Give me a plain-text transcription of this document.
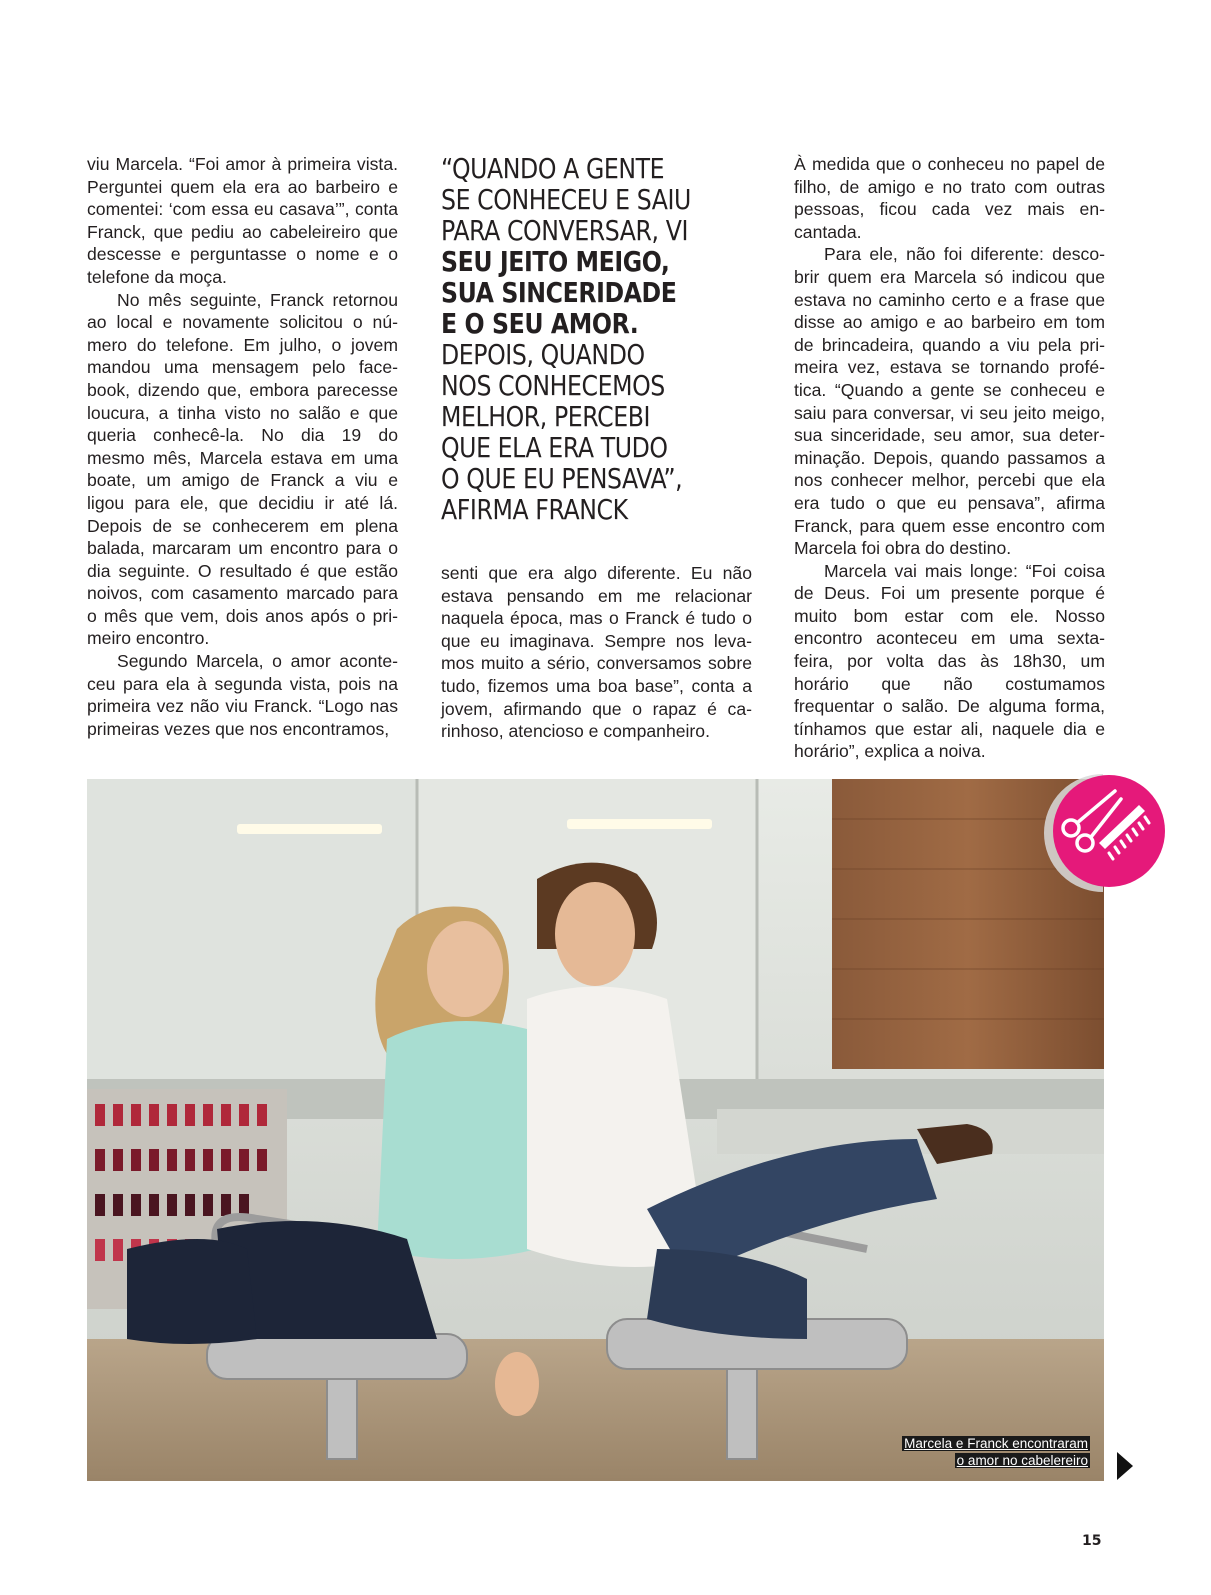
viu Marcela. “Foi amor à primeira vista. Perguntei quem ela era ao barbeiro e comentei: ‘com essa eu casava’”, conta Franck, que pediu ao cabeleireiro que descesse e perguntasse o nome e o telefone da moça.

No mês seguinte, Franck retornou ao local e novamente solicitou o número do telefone. Em julho, o jovem mandou uma mensagem pelo facebook, dizendo que, embora parecesse loucura, a tinha visto no salão e que queria conhecê-la. No dia 19 do mesmo mês, Marcela estava em uma boate, um amigo de Franck a viu e ligou para ele, que decidiu ir até lá. Depois de se conhecerem em plena balada, marcaram um encontro para o dia seguinte. O resultado é que estão noivos, com casamento marcado para o mês que vem, dois anos após o primeiro encontro.

Segundo Marcela, o amor aconteceu para ela à segunda vista, pois na primeira vez não viu Franck. “Logo nas primeiras vezes que nos encontramos,

“QUANDO A GENTE
SE CONHECEU E SAIU
PARA CONVERSAR, VI
SEU JEITO MEIGO,
SUA SINCERIDADE
E O SEU AMOR.
DEPOIS, QUANDO
NOS CONHECEMOS
MELHOR, PERCEBI
QUE ELA ERA TUDO
O QUE EU PENSAVA”,
AFIRMA FRANCK

senti que era algo diferente. Eu não estava pensando em me relacionar naquela época, mas o Franck é tudo o que eu imaginava. Sempre nos levamos muito a sério, conversamos sobre tudo, fizemos uma boa base”, conta a jovem, afirmando que o rapaz é carinhoso, atencioso e companheiro.

À medida que o conheceu no papel de filho, de amigo e no trato com outras pessoas, ficou cada vez mais encantada.

Para ele, não foi diferente: descobrir quem era Marcela só indicou que estava no caminho certo e a frase que disse ao amigo e ao barbeiro em tom de brincadeira, quando a viu pela primeira vez, estava se tornando profética. “Quando a gente se conheceu e saiu para conversar, vi seu jeito meigo, sua sinceridade, seu amor, sua determinação. Depois, quando passamos a nos conhecer melhor, percebi que ela era tudo o que eu pensava”, afirma Franck, para quem esse encontro com Marcela foi obra do destino.

Marcela vai mais longe: “Foi coisa de Deus. Foi um presente porque é muito bom estar com ele. Nosso encontro aconteceu em uma sexta-feira, por volta das às 18h30, um horário que não costumamos frequentar o salão. De alguma forma, tínhamos que estar ali, naquele dia e horário”, explica a noiva.

Marcela e Franck encontraram
o amor no cabelereiro
15
